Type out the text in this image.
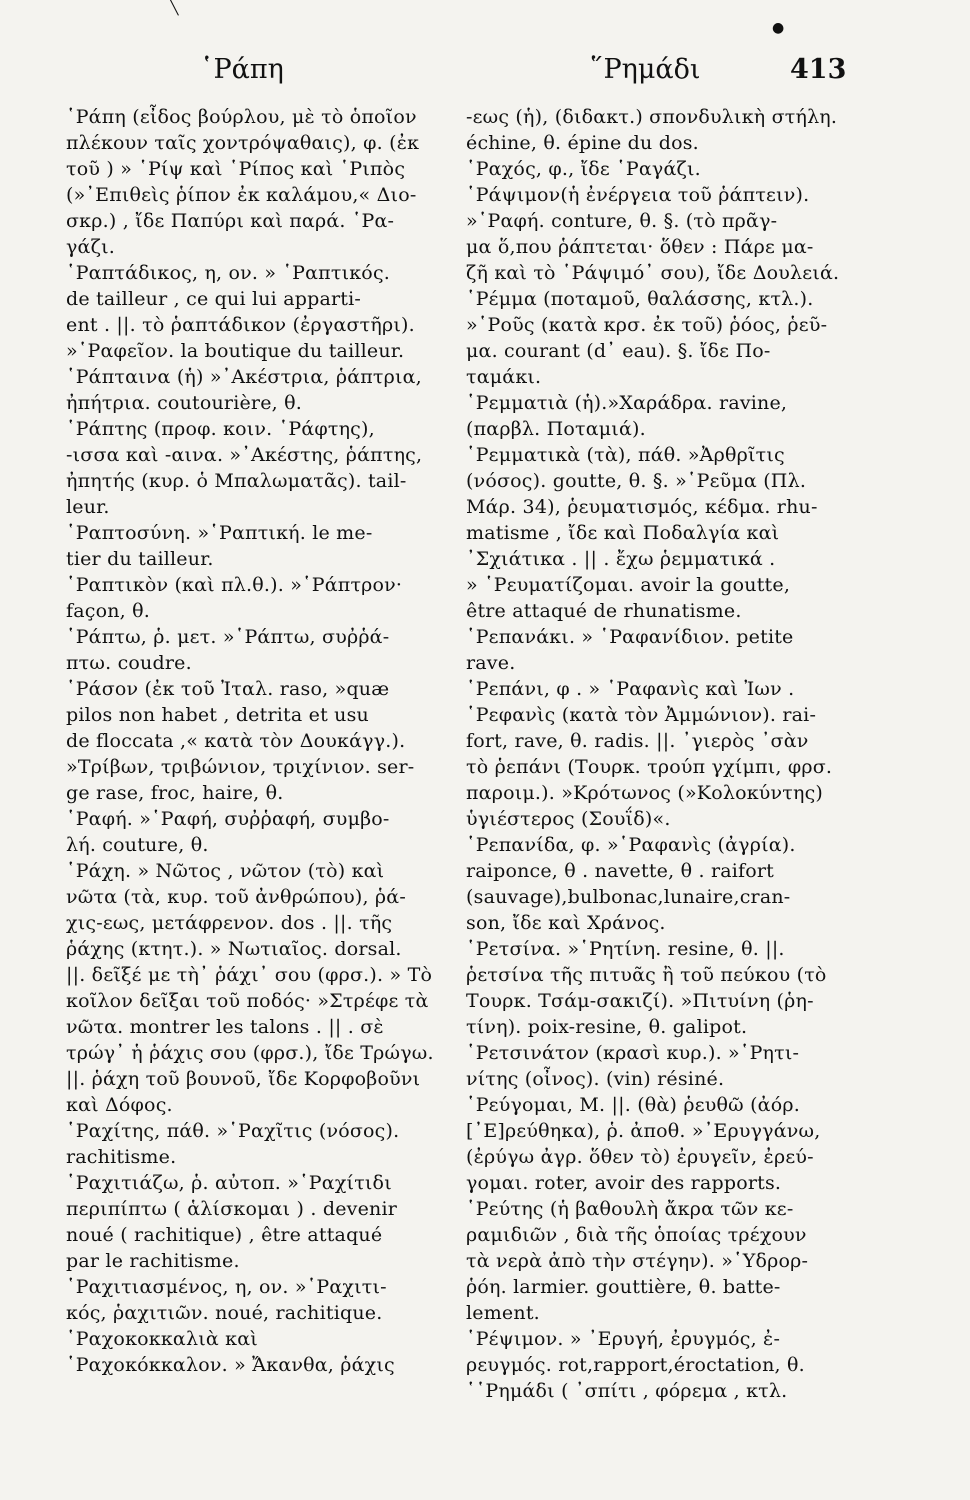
╲
●
῾Ράπη	῞Ρημάδι	413
῾Ράπη (εἶδος βούρλου, μὲ τὸ ὁποῖον
πλέκουν ταῖς χοντρόψαθαις), φ. (ἐκ
τοῦ ) » ῾Ρίψ καὶ ῾Ρίπος καὶ ῾Ριπὸς
(»᾿Επιθεὶς ῥίπον ἐκ καλάμου,« Διο-
σκρ.) , ἴδε Παπύρι καὶ παρά. ῾Ρα-
γάζι.
῾Ραπτάδικος, η, ον. » ῾Ραπτικός.
de tailleur , ce qui lui apparti-
ent . ||. τὸ ῥαπτάδικον (ἐργαστῆρι).
»῾Ραφεῖον. la boutique du tailleur.
῾Ράπταινα (ἡ) »᾿Ακέστρια, ῥάπτρια,
ἠπήτρια. coutourière, θ.
῾Ράπτης (προφ. κοιν. ῾Ράφτης),
-ισσα καὶ -αινα. »᾿Ακέστης, ῥάπτης,
ἠπητής (κυρ. ὁ Μπαλωματᾶς). tail-
leur.
῾Ραπτοσύνη. »῾Ραπτική. le me-
tier du tailleur.
῾Ραπτικὸν (καὶ πλ.θ.). »῾Ράπτρον·
façon, θ.
῾Ράπτω, ῥ. μετ. »῾Ράπτω, συῤῥά-
πτω. coudre.
῾Ράσον (ἐκ τοῦ Ἰταλ. raso, »quæ
pilos non habet , detrita et usu
de floccata ,« κατὰ τὸν Δουκάγγ.).
»Τρίβων, τριβώνιον, τριχίνιον. ser-
ge rase, froc, haire, θ.
῾Ραφή. »῾Ραφή, συῤῥαφή, συμβο-
λή. couture, θ.
῾Ράχη. » Νῶτος , νῶτον (τὸ) καὶ
νῶτα (τὰ, κυρ. τοῦ ἀνθρώπου), ῥά-
χις-εως, μετάφρενον. dos . ||. τῆς
ῥάχης (κτητ.). » Νωτιαῖος. dorsal.
||. δεῖξέ με τὴ᾿ ῥάχι᾿ σου (φρσ.). » Τὸ
κοῖλον δεῖξαι τοῦ ποδός· »Στρέφε τὰ
νῶτα. montrer les talons . || . σὲ
τρώγ᾿ ἡ ῥάχις σου (φρσ.), ἴδε Τρώγω.
||. ῥάχη τοῦ βουνοῦ, ἴδε Κορφοβοῦνι
καὶ Δόφος.
῾Ραχίτης, πάθ. »῾Ραχῖτις (νόσος).
rachitisme.
῾Ραχιτιάζω, ῥ. αὐτοπ. »῾Ραχίτιδι
περιπίπτω ( ἁλίσκομαι ) . devenir
noué ( rachitique) , être attaqué
par le rachitisme.
῾Ραχιτιασμένος, η, ον. »῾Ραχιτι-
κός, ῥαχιτιῶν. noué, rachitique.
῾Ραχοκοκκαλιὰ καὶ
῾Ραχοκόκκαλον. » Ἄκανθα, ῥάχις
-εως (ἡ), (διδακτ.) σπονδυλικὴ στήλη.
échine, θ. épine du dos.
῾Ραχός, φ., ἴδε ῾Ραγάζι.
῾Ράψιμον(ἡ ἐνέργεια τοῦ ῥάπτειν).
»῾Ραφή. conture, θ. §. (τὸ πρᾶγ-
μα ὅ,που ῥάπτεται· ὅθεν : Πάρε μα-
ζῆ καὶ τὸ ῾Ράψιμό᾿ σου), ἴδε Δουλειά.
῾Ρέμμα (ποταμοῦ, θαλάσσης, κτλ.).
»῾Ροῦς (κατὰ κρσ. ἐκ τοῦ) ῥόος, ῥεῦ-
μα. courant (d᾿ eau). §. ἴδε Πο-
ταμάκι.
῾Ρεμματιὰ (ἡ).»Χαράδρα. ravine,
(παρβλ. Ποταμιά).
῾Ρεμματικὰ (τὰ), πάθ. »Ἀρθρῖτις
(νόσος). goutte, θ. §. »῾Ρεῦμα (Πλ.
Μάρ. 34), ῥευματισμός, κέδμα. rhu-
matisme , ἴδε καὶ Ποδαλγία καὶ
᾿Σχιάτικα . || . ἔχω ῥεμματικά .
» ῾Ρευματίζομαι. avoir la goutte,
être attaqué de rhunatisme.
῾Ρεπανάκι. » ῾Ραφανίδιον. petite
rave.
῾Ρεπάνι, φ . » ῾Ραφανὶς καὶ Ἰων .
῾Ρεφανὶς (κατὰ τὸν Ἀμμώνιον). rai-
fort, rave, θ. radis. ||. ᾿γιερὸς ᾿σὰν
τὸ ῥεπάνι (Τουρκ. τρούπ γχίμπι, φρσ.
παροιμ.). »Κρότωνος (»Κολοκύντης)
ὑγιέστερος (Σουΐδ)«.
῾Ρεπανίδα, φ. »῾Ραφανὶς (ἀγρία).
raiponce, θ . navette, θ . raifort
(sauvage),bulbonac,lunaire,cran-
son, ἴδε καὶ Χράνος.
῾Ρετσίνα. »῾Ρητίνη. resine, θ. ||.
ῥετσίνα τῆς πιτυᾶς ἢ τοῦ πεύκου (τὸ
Τουρκ. Τσάμ-σακιζί). »Πιτυίνη (ῥη-
τίνη). poix-resine, θ. galipot.
῾Ρετσινάτον (κρασὶ κυρ.). »῾Ρητι-
νίτης (οἶνος). (vin) résiné.
῾Ρεύγομαι, Μ. ||. (θὰ) ῥευθῶ (ἀόρ.
[᾿Ε]ρεύθηκα), ῥ. ἀποθ. »᾿Ερυγγάνω,
(ἐρύγω ἀγρ. ὅθεν τὸ) ἐρυγεῖν, ἐρεύ-
γομαι. roter, avoir des rapports.
῾Ρεύτης (ἡ βαθουλὴ ἄκρα τῶν κε-
ραμιδιῶν , διὰ τῆς ὁποίας τρέχουν
τὰ νερὰ ἀπὸ τὴν στέγην). »῾Υδρορ-
ῥόη. larmier. gouttière, θ. batte-
lement.
῾Ρέψιμον. » ᾿Ερυγή, ἐρυγμός, ἐ-
ρευγμός. rot,rapport,éroctation, θ.
῾῾Ρημάδι ( ᾿σπίτι , φόρεμα , κτλ.
